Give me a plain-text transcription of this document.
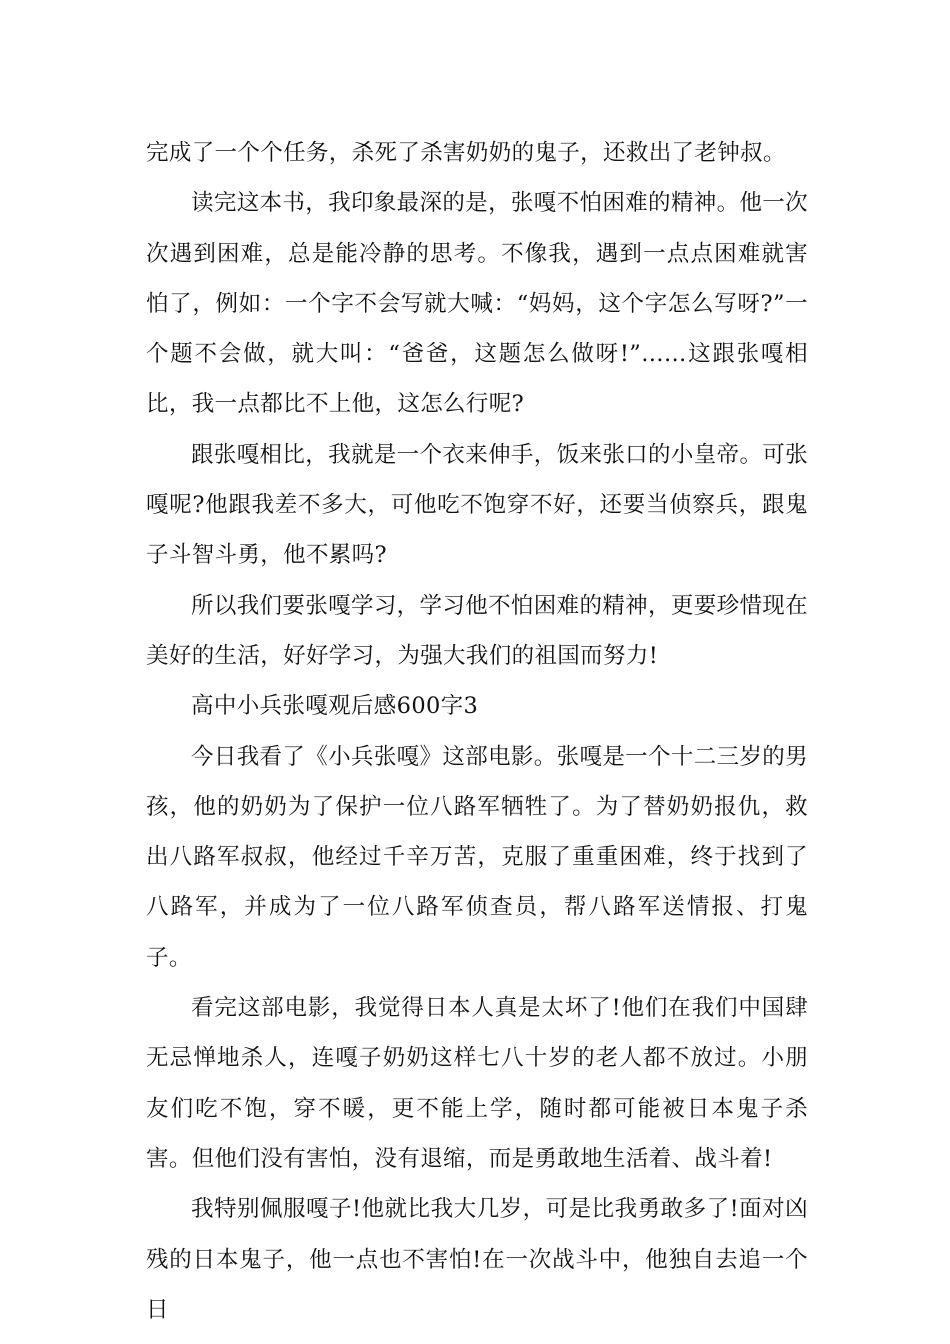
完成了一个个任务，杀死了杀害奶奶的鬼子，还救出了老钟叔。

读完这本书，我印象最深的是，张嘎不怕困难的精神。他一次次遇到困难，总是能冷静的思考。不像我，遇到一点点困难就害怕了，例如：一个字不会写就大喊：“妈妈，这个字怎么写呀?”一个题不会做，就大叫：“爸爸，这题怎么做呀!”……这跟张嘎相比，我一点都比不上他，这怎么行呢?

跟张嘎相比，我就是一个衣来伸手，饭来张口的小皇帝。可张嘎呢?他跟我差不多大，可他吃不饱穿不好，还要当侦察兵，跟鬼子斗智斗勇，他不累吗?

所以我们要张嘎学习，学习他不怕困难的精神，更要珍惜现在美好的生活，好好学习，为强大我们的祖国而努力!

高中小兵张嘎观后感600字3

今日我看了《小兵张嘎》这部电影。张嘎是一个十二三岁的男孩，他的奶奶为了保护一位八路军牺牲了。为了替奶奶报仇，救出八路军叔叔，他经过千辛万苦，克服了重重困难，终于找到了八路军，并成为了一位八路军侦查员，帮八路军送情报、打鬼子。

看完这部电影，我觉得日本人真是太坏了!他们在我们中国肆无忌惮地杀人，连嘎子奶奶这样七八十岁的老人都不放过。小朋友们吃不饱，穿不暖，更不能上学，随时都可能被日本鬼子杀害。但他们没有害怕，没有退缩，而是勇敢地生活着、战斗着!

我特别佩服嘎子!他就比我大几岁，可是比我勇敢多了!面对凶残的日本鬼子，他一点也不害怕!在一次战斗中，他独自去追一个日
